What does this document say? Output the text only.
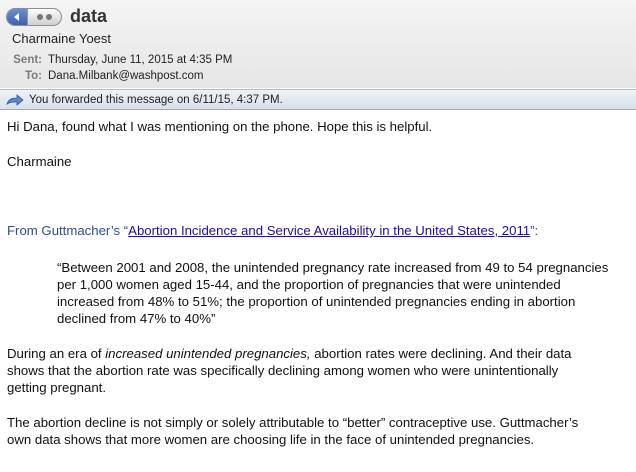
data
Charmaine Yoest
Sent: Thursday, June 11, 2015 at 4:35 PM
To: Dana.Milbank@washpost.com
You forwarded this message on 6/11/15, 4:37 PM.
Hi Dana, found what I was mentioning on the phone. Hope this is helpful.
Charmaine
From Guttmacher’s “Abortion Incidence and Service Availability in the United States, 2011”:
“Between 2001 and 2008, the unintended pregnancy rate increased from 49 to 54 pregnancies
per 1,000 women aged 15-44, and the proportion of pregnancies that were unintended
increased from 48% to 51%; the proportion of unintended pregnancies ending in abortion
declined from 47% to 40%”
During an era of increased unintended pregnancies, abortion rates were declining. And their data
shows that the abortion rate was specifically declining among women who were unintentionally
getting pregnant.
The abortion decline is not simply or solely attributable to “better” contraceptive use. Guttmacher’s
own data shows that more women are choosing life in the face of unintended pregnancies.
